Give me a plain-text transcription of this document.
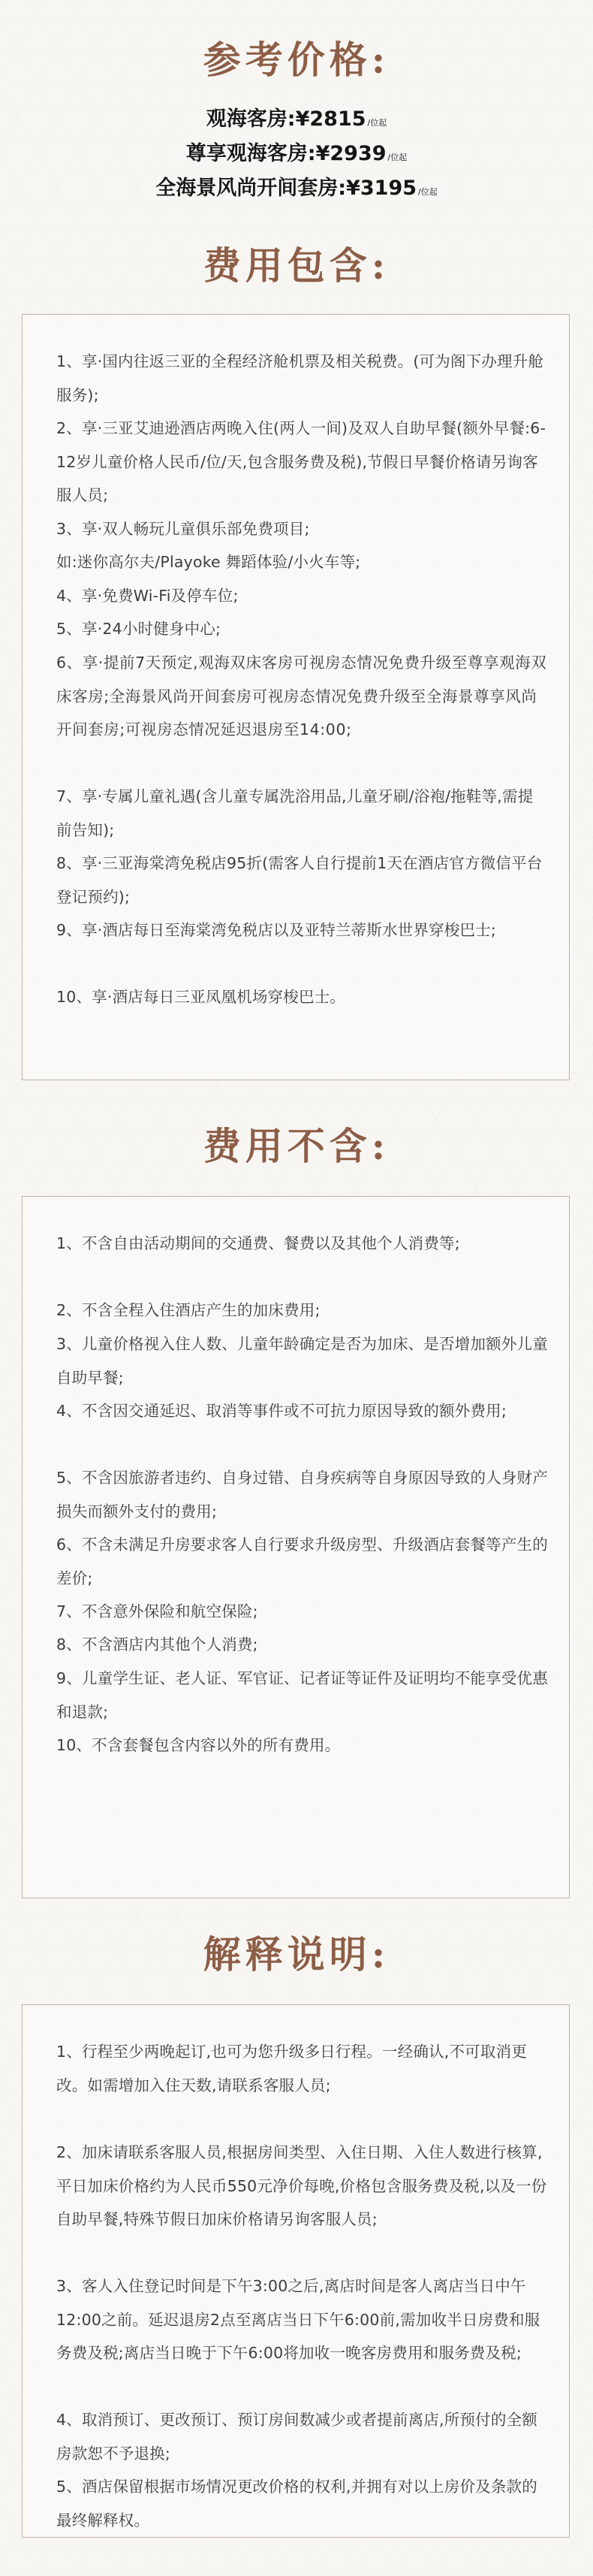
参考价格:
观海客房:¥2815 /位起
尊享观海客房:¥2939 /位起
全海景风尚开间套房:¥3195 /位起
费用包含:

1、享·国内往返三亚的全程经济舱机票及相关税费。(可为阁下办理升舱服务);

2、享·三亚艾迪逊酒店两晚入住(两人一间)及双人自助早餐(额外早餐:6-12岁儿童价格人民币/位/天,包含服务费及税),节假日早餐价格请另询客服人员;

3、享·双人畅玩儿童俱乐部免费项目;

如:迷你高尔夫/Playoke 舞蹈体验/小火车等;

4、享·免费Wi-Fi及停车位;

5、享·24小时健身中心;

6、享·提前7天预定,观海双床客房可视房态情况免费升级至尊享观海双床客房;全海景风尚开间套房可视房态情况免费升级至全海景尊享风尚开间套房;可视房态情况延迟退房至14:00;

7、享·专属儿童礼遇(含儿童专属洗浴用品,儿童牙刷/浴袍/拖鞋等,需提前告知);

8、享·三亚海棠湾免税店95折(需客人自行提前1天在酒店官方微信平台登记预约);

9、享·酒店每日至海棠湾免税店以及亚特兰蒂斯水世界穿梭巴士;

10、享·酒店每日三亚凤凰机场穿梭巴士。

费用不含:

1、不含自由活动期间的交通费、餐费以及其他个人消费等;

2、不含全程入住酒店产生的加床费用;

3、儿童价格视入住人数、儿童年龄确定是否为加床、是否增加额外儿童自助早餐;

4、不含因交通延迟、取消等事件或不可抗力原因导致的额外费用;

5、不含因旅游者违约、自身过错、自身疾病等自身原因导致的人身财产损失而额外支付的费用;

6、不含未满足升房要求客人自行要求升级房型、升级酒店套餐等产生的差价;

7、不含意外保险和航空保险;

8、不含酒店内其他个人消费;

9、儿童学生证、老人证、军官证、记者证等证件及证明均不能享受优惠和退款;

10、不含套餐包含内容以外的所有费用。

解释说明:

1、行程至少两晚起订,也可为您升级多日行程。一经确认,不可取消更改。如需增加入住天数,请联系客服人员;

2、加床请联系客服人员,根据房间类型、入住日期、入住人数进行核算,平日加床价格约为人民币550元净价每晚,价格包含服务费及税,以及一份自助早餐,特殊节假日加床价格请另询客服人员;

3、客人入住登记时间是下午3:00之后,离店时间是客人离店当日中午12:00之前。延迟退房2点至离店当日下午6:00前,需加收半日房费和服务费及税;离店当日晚于下午6:00将加收一晚客房费用和服务费及税;

4、取消预订、更改预订、预订房间数减少或者提前离店,所预付的全额房款恕不予退换;

5、酒店保留根据市场情况更改价格的权利,并拥有对以上房价及条款的最终解释权。
